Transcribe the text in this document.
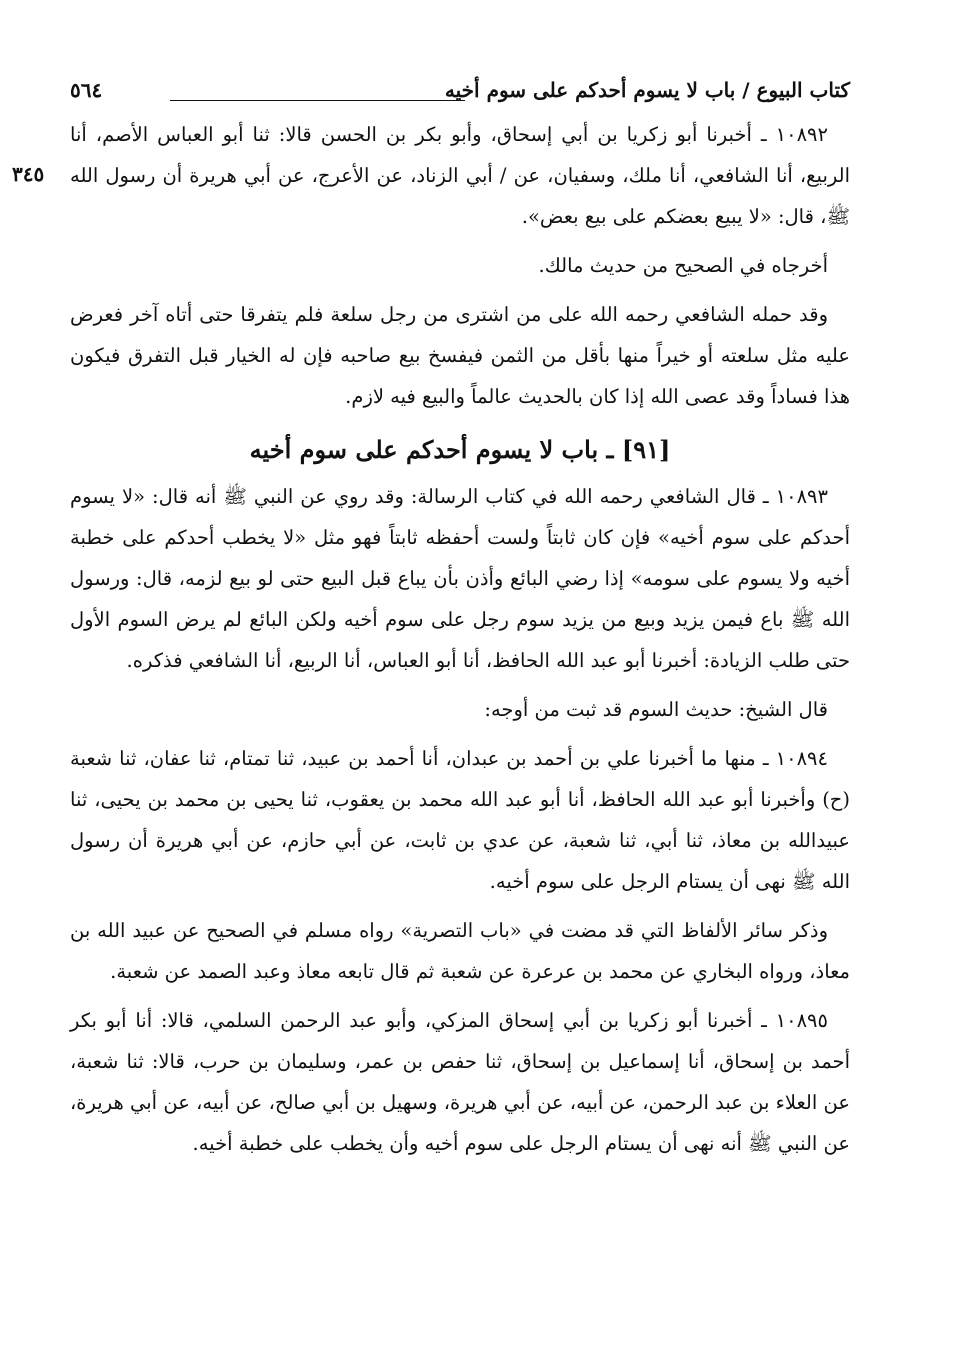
كتاب البيوع / باب لا يسوم أحدكم على سوم أخيه
٥٦٤
٣٤٥

١٠٨٩٢ ـ أخبرنا أبو زكريا بن أبي إسحاق، وأبو بكر بن الحسن قالا: ثنا أبو العباس الأصم، أنا الربيع، أنا الشافعي، أنا ملك، وسفيان، عن / أبي الزناد، عن الأعرج، عن أبي هريرة أن رسول الله ﷺ، قال: «لا يبيع بعضكم على بيع بعض».

أخرجاه في الصحيح من حديث مالك.

وقد حمله الشافعي رحمه الله على من اشترى من رجل سلعة فلم يتفرقا حتى أتاه آخر فعرض عليه مثل سلعته أو خيراً منها بأقل من الثمن فيفسخ بيع صاحبه فإن له الخيار قبل التفرق فيكون هذا فساداً وقد عصى الله إذا كان بالحديث عالماً والبيع فيه لازم.

[٩١] ـ باب لا يسوم أحدكم على سوم أخيه

١٠٨٩٣ ـ قال الشافعي رحمه الله في كتاب الرسالة: وقد روي عن النبي ﷺ أنه قال: «لا يسوم أحدكم على سوم أخيه» فإن كان ثابتاً ولست أحفظه ثابتاً فهو مثل «لا يخطب أحدكم على خطبة أخيه ولا يسوم على سومه» إذا رضي البائع وأذن بأن يباع قبل البيع حتى لو بيع لزمه، قال: ورسول الله ﷺ باع فيمن يزيد وبيع من يزيد سوم رجل على سوم أخيه ولكن البائع لم يرض السوم الأول حتى طلب الزيادة: أخبرنا أبو عبد الله الحافظ، أنا أبو العباس، أنا الربيع، أنا الشافعي فذكره.

قال الشيخ: حديث السوم قد ثبت من أوجه:

١٠٨٩٤ ـ منها ما أخبرنا علي بن أحمد بن عبدان، أنا أحمد بن عبيد، ثنا تمتام، ثنا عفان، ثنا شعبة (ح) وأخبرنا أبو عبد الله الحافظ، أنا أبو عبد الله محمد بن يعقوب، ثنا يحيى بن محمد بن يحيى، ثنا عبيدالله بن معاذ، ثنا أبي، ثنا شعبة، عن عدي بن ثابت، عن أبي حازم، عن أبي هريرة أن رسول الله ﷺ نهى أن يستام الرجل على سوم أخيه.

وذكر سائر الألفاظ التي قد مضت في «باب التصرية» رواه مسلم في الصحيح عن عبيد الله بن معاذ، ورواه البخاري عن محمد بن عرعرة عن شعبة ثم قال تابعه معاذ وعبد الصمد عن شعبة.

١٠٨٩٥ ـ أخبرنا أبو زكريا بن أبي إسحاق المزكي، وأبو عبد الرحمن السلمي، قالا: أنا أبو بكر أحمد بن إسحاق، أنا إسماعيل بن إسحاق، ثنا حفص بن عمر، وسليمان بن حرب، قالا: ثنا شعبة، عن العلاء بن عبد الرحمن، عن أبيه، عن أبي هريرة، وسهيل بن أبي صالح، عن أبيه، عن أبي هريرة، عن النبي ﷺ أنه نهى أن يستام الرجل على سوم أخيه وأن يخطب على خطبة أخيه.
